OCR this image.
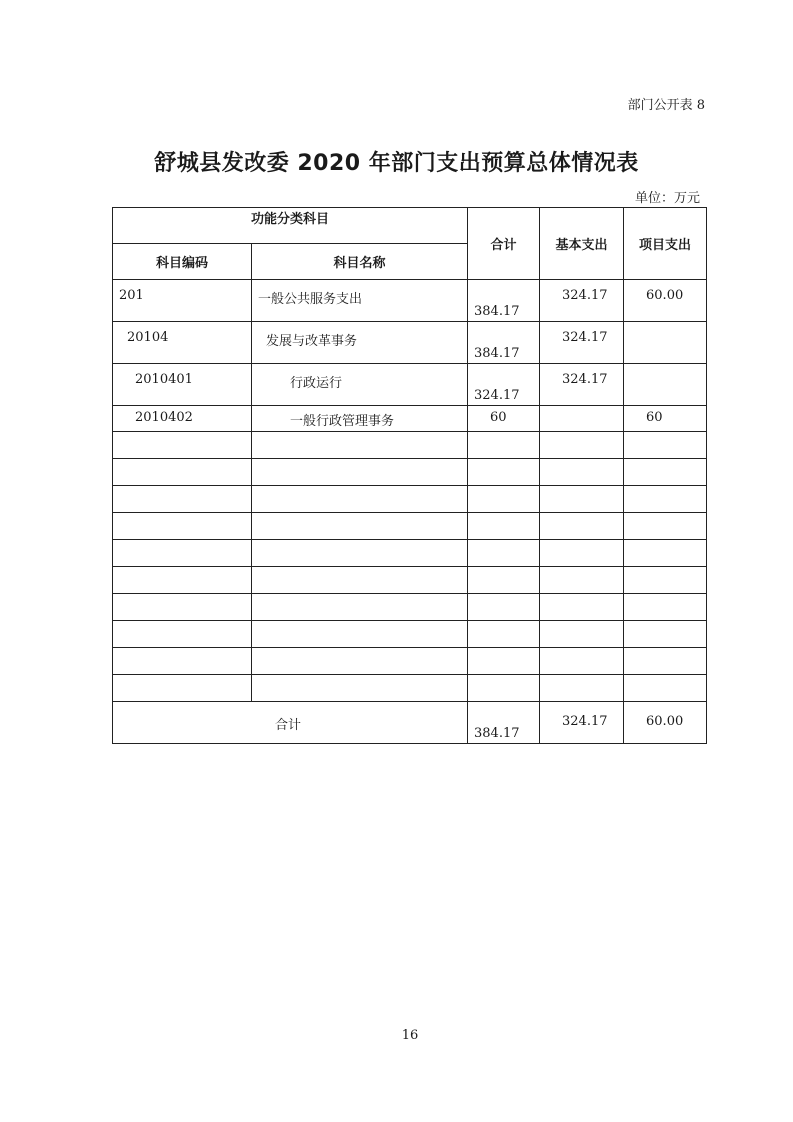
部门公开表 8
舒城县发改委 2020 年部门支出预算总体情况表
单位：万元
功能分类科目		合计	基本支出	项目支出

科目编码	科目名称			

201	一般公共服务支出	384.17	324.17	60.00

20104	发展与改革事务	384.17	324.17	

2010401	行政运行	324.17	324.17	

2010402	一般行政管理事务	60		60

合计		384.17	324.17	60.00
16
